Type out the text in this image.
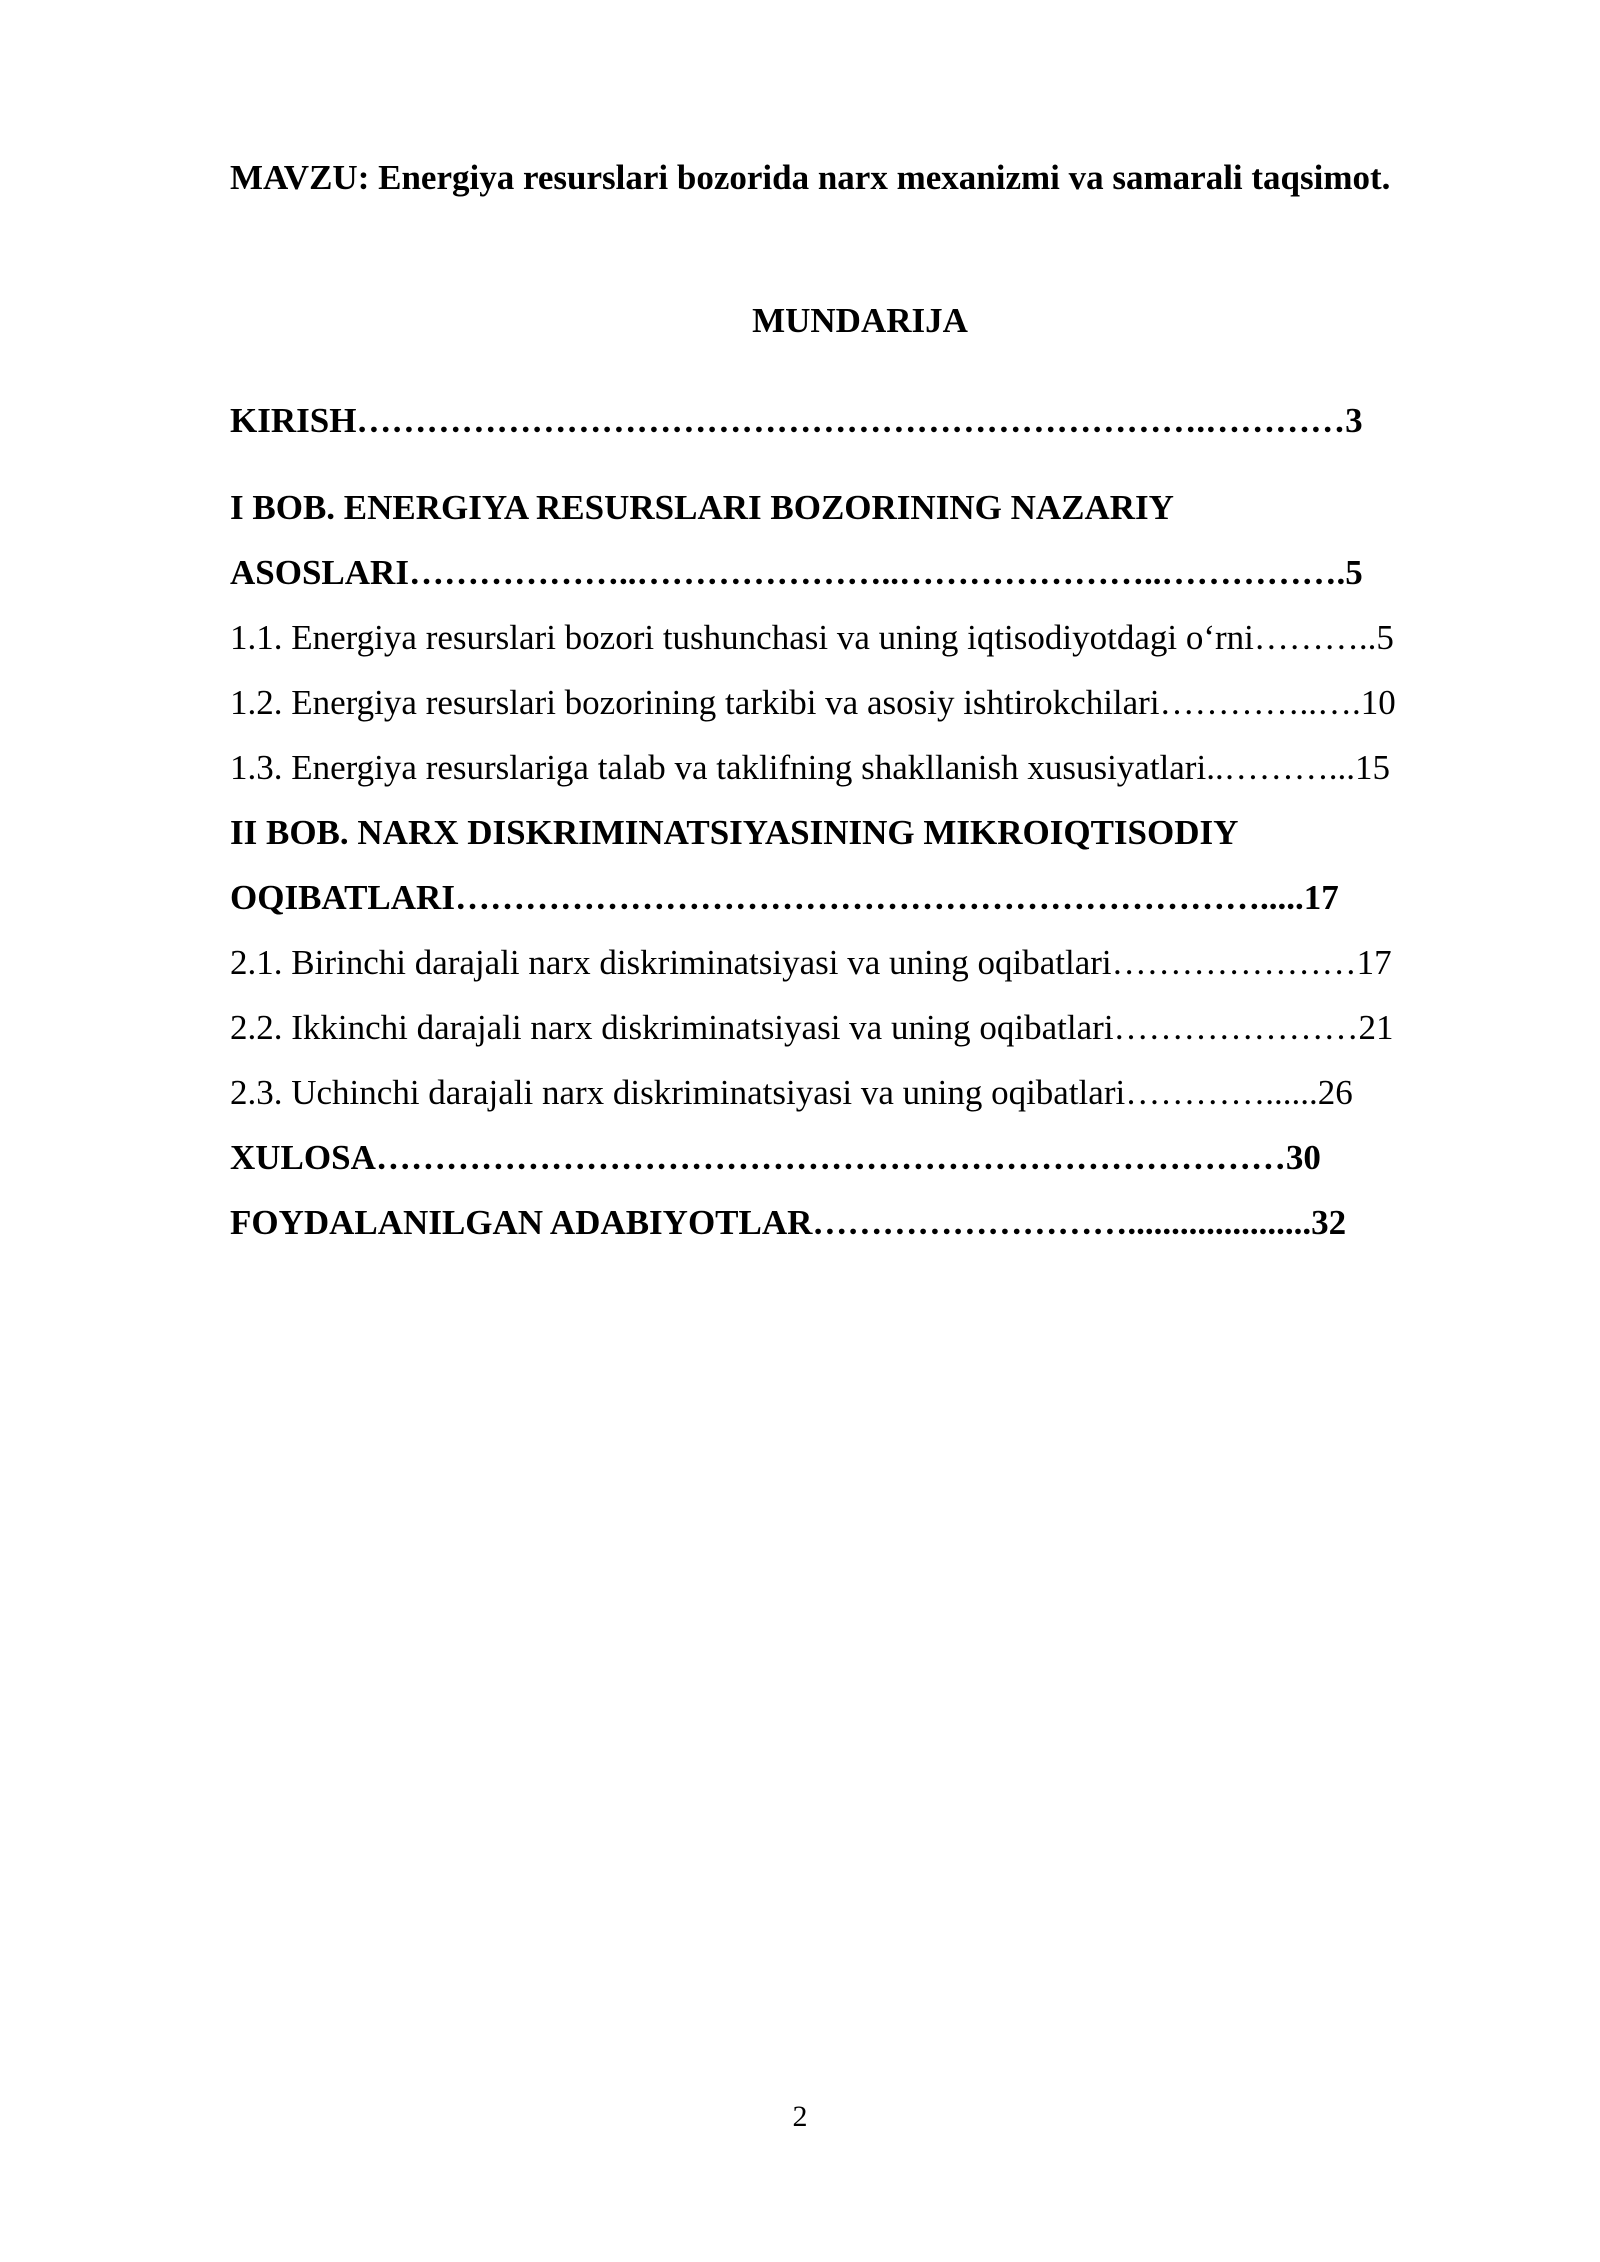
MAVZU: Energiya resurslari bozorida narx mexanizmi va samarali taqsimot.
MUNDARIJA
KIRISH……………………………………………………………….…………3
I BOB. ENERGIYA RESURSLARI BOZORINING NAZARIY
ASOSLARI………………..…………………..…………………..…………….5
1.1. Energiya resurslari bozori tushunchasi va uning iqtisodiyotdagi o‘rni………..5
1.2. Energiya resurslari bozorining tarkibi va asosiy ishtirokchilari…………..….10
1.3. Energiya resurslariga talab va taklifning shakllanish xususiyatlari..………...15
II BOB. NARX DISKRIMINATSIYASINING MIKROIQTISODIY
OQIBATLARI…………………………………………………………….....17
2.1. Birinchi darajali narx diskriminatsiyasi va uning oqibatlari…………………17
2.2. Ikkinchi darajali narx diskriminatsiyasi va uning oqibatlari…………………21
2.3. Uchinchi darajali narx diskriminatsiyasi va uning oqibatlari…………......26
XULOSA……………………………………………………………………30
FOYDALANILGAN ADABIYOTLAR……………………….....................32
2
